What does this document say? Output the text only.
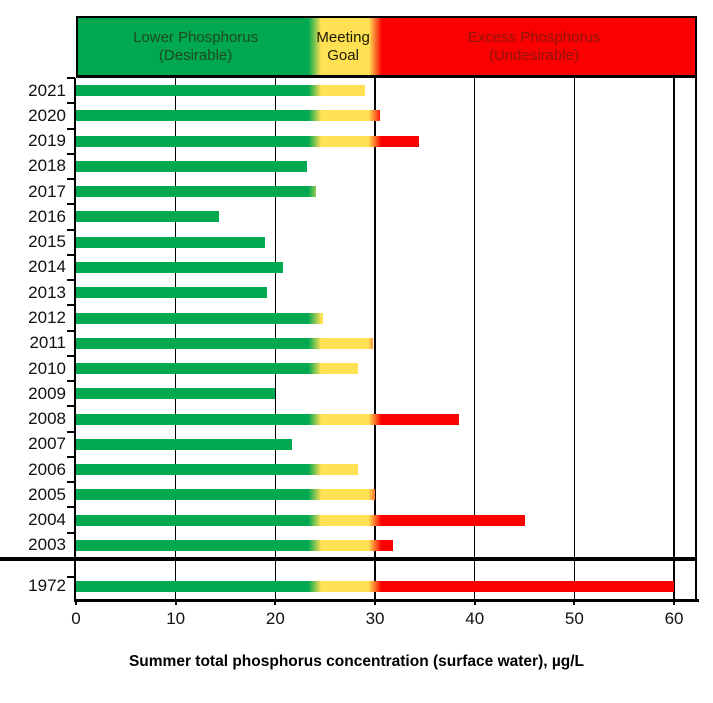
Lower Phosphorus
(Desirable)
Meeting
Goal
Excess Phosphorus
(Undesirable)
2021
2020
2019
2018
2017
2016
2015
2014
2013
2012
2011
2010
2009
2008
2007
2006
2005
2004
2003
1972
0	10	20	30	40	50	60
Summer total phosphorus concentration (surface water), µg/L
